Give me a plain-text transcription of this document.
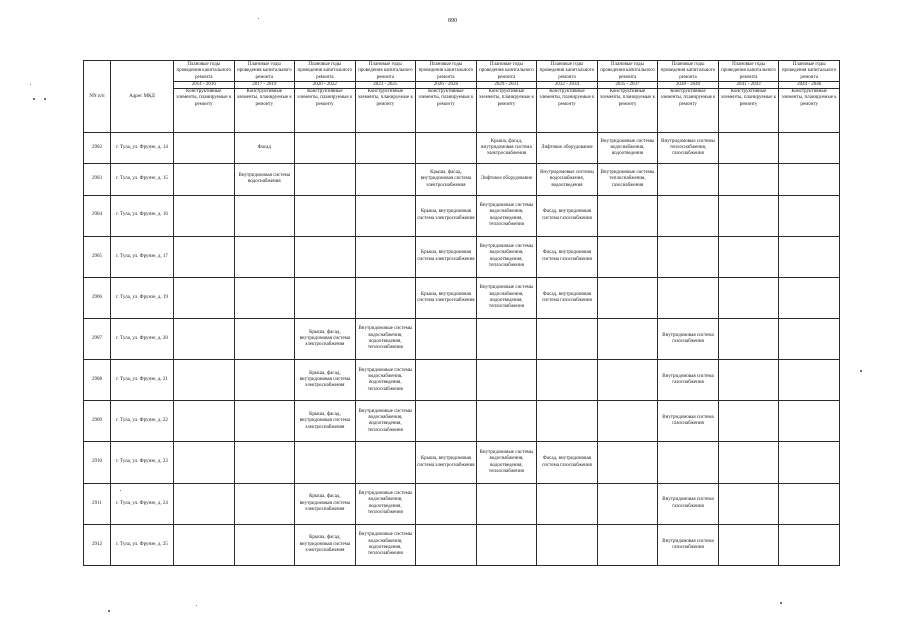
890
NN п/п	Адрес МКД	Плановые годы проведения капитального ремонта
2014 - 2016
Конструктивные элементы, планируемые к ремонту	Плановые годы проведения капитального ремонта
2017 - 2019
Конструктивные элементы, планируемые к ремонту	Плановые годы проведения капитального ремонта
2020 - 2022
Конструктивные элементы, планируемые к ремонту	Плановые годы проведения капитального ремонта
2023 - 2025
Конструктивные элементы, планируемые к ремонту	Плановые годы проведения капитального ремонта
2026 - 2028
Конструктивные элементы, планируемые к ремонту	Плановые годы проведения капитального ремонта
2029 - 2031
Конструктивные элементы, планируемые к ремонту	Плановые годы проведения капитального ремонта
2032 - 2034
Конструктивные элементы, планируемые к ремонту	Плановые годы проведения капитального ремонта
2035 - 2037
Конструктивные элементы, планируемые к ремонту	Плановые годы проведения капитального ремонта
2038 - 2040
Конструктивные элементы, планируемые к ремонту	Плановые годы проведения капитального ремонта
2041 - 2043
Конструктивные элементы, планируемые к ремонту	Плановые годы проведения капитального ремонта
2044 - 2046
Конструктивные элементы, планируемые к ремонту

2902	г. Тула, ул. Фрунзе, д. 14		Фасад				Крыша, фасад, внутридомовая система электроснабжения	Лифтовое оборудование	Внутридомовые системы водоснабжения, водоотведения	Внутридомовые системы теплоснабжения, газоснабжения		
2903	г. Тула, ул. Фрунзе, д. 15		Внутридомовая система водоснабжения			Крыша, фасад, внутридомовая система электроснабжения	Лифтовое оборудование	Внутридомовые системы водоснабжения, водоотведения	Внутридомовые системы теплоснабжения, газоснабжения			
2904	г. Тула, ул. Фрунзе, д. 16					Крыша, внутридомовая система электроснабжения	Внутридомовые системы водоснабжения, водоотведения, теплоснабжения	Фасад, внутридомовая система газоснабжения				
2905	г. Тула, ул. Фрунзе, д. 17					Крыша, внутридомовая система электроснабжения	Внутридомовые системы водоснабжения, водоотведения, теплоснабжения	Фасад, внутридомовая система газоснабжения				
2906	г. Тула, ул. Фрунзе, д. 19					Крыша, внутридомовая система электроснабжения	Внутридомовые системы водоснабжения, водоотведения, теплоснабжения	Фасад, внутридомовая система газоснабжения				
2907	г. Тула, ул. Фрунзе, д. 20			Крыша, фасад, внутридомовая система электроснабжения	Внутридомовые системы водоснабжения, водоотведения, теплоснабжения					Внутридомовая система газоснабжения		
2908	г. Тула, ул. Фрунзе, д. 21			Крыша, фасад, внутридомовая система электроснабжения	Внутридомовые системы водоснабжения, водоотведения, теплоснабжения					Внутридомовая система газоснабжения		
2909	г. Тула, ул. Фрунзе, д. 22			Крыша, фасад, внутридомовая система электроснабжения	Внутридомовые системы водоснабжения, водоотведения, теплоснабжения					Внутридомовая система газоснабжения		
2910	г. Тула, ул. Фрунзе, д. 23					Крыша, внутридомовая система электроснабжения	Внутридомовые системы водоснабжения, водоотведения, теплоснабжения	Фасад, внутридомовая система газоснабжения				
2911	г. Тула, ул. Фрунзе, д. 24			Крыша, фасад, внутридомовая система электроснабжения	Внутридомовые системы водоснабжения, водоотведения, теплоснабжения					Внутридомовая система газоснабжения		
2912	г. Тула, ул. Фрунзе, д. 25			Крыша, фасад, внутридомовая система электроснабжения	Внутридомовые системы водоснабжения, водоотведения, теплоснабжения					Внутридомовая система газоснабжения		
